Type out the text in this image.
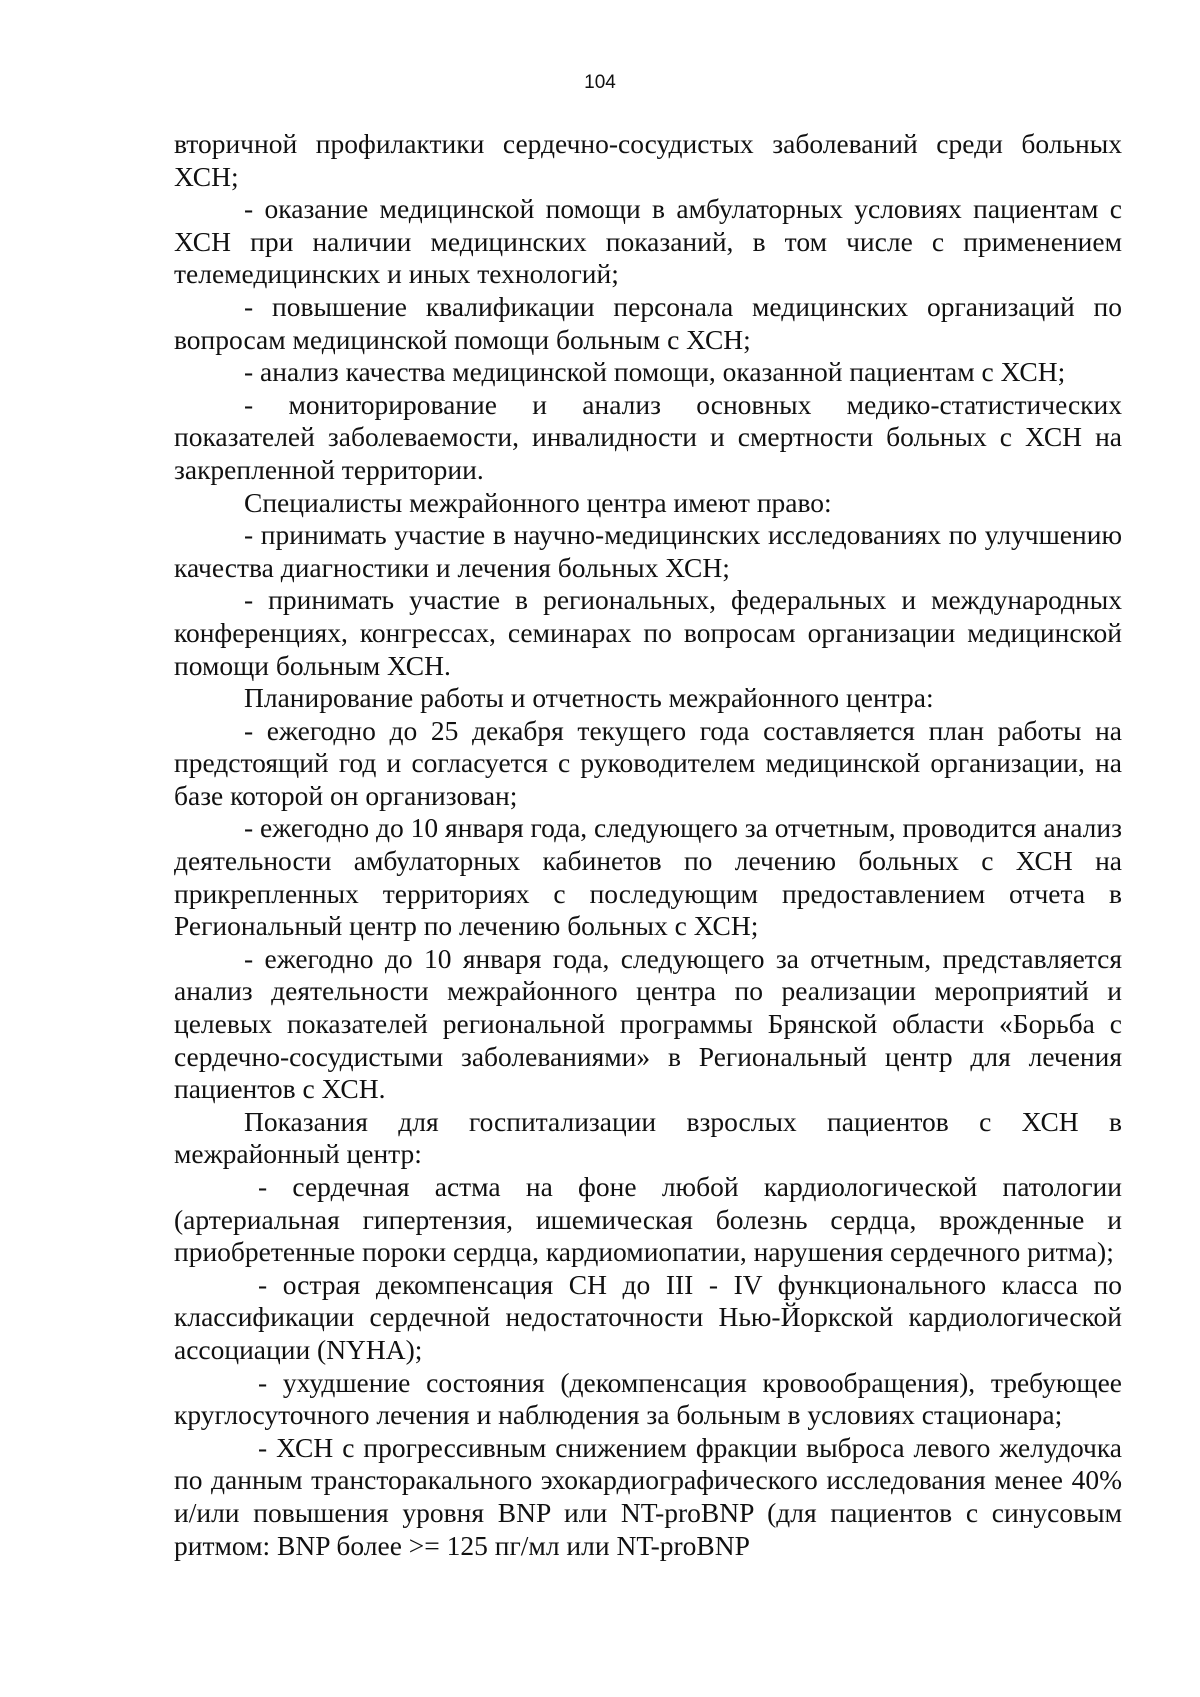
104

вторичной профилактики сердечно-сосудистых заболеваний среди больных ХСН;

- оказание медицинской помощи в амбулаторных условиях пациентам с ХСН при наличии медицинских показаний, в том числе с применением телемедицинских и иных технологий;

- повышение квалификации персонала медицинских организаций по вопросам медицинской помощи больным с ХСН;

- анализ качества медицинской помощи, оказанной пациентам с ХСН;

- мониторирование и анализ основных медико-статистических показателей заболеваемости, инвалидности и смертности больных с ХСН на закрепленной территории.

Специалисты межрайонного центра имеют право:

- принимать участие в научно-медицинских исследованиях по улучшению качества диагностики и лечения больных ХСН;

- принимать участие в региональных, федеральных и международных конференциях, конгрессах, семинарах по вопросам организации медицинской помощи больным ХСН.

Планирование работы и отчетность межрайонного центра:

- ежегодно до 25 декабря текущего года составляется план работы на предстоящий год и согласуется с руководителем медицинской организации, на базе которой он организован;

- ежегодно до 10 января года, следующего за отчетным, проводится анализ деятельности амбулаторных кабинетов по лечению больных с ХСН на прикрепленных территориях с последующим предоставлением отчета в Региональный центр по лечению больных с ХСН;

- ежегодно до 10 января года, следующего за отчетным, представляется анализ деятельности межрайонного центра по реализации мероприятий и целевых показателей региональной программы Брянской области «Борьба с сердечно-сосудистыми заболеваниями» в Региональный центр для лечения пациентов с ХСН.

Показания для госпитализации взрослых пациентов с ХСН в межрайонный центр:

- сердечная астма на фоне любой кардиологической патологии (артериальная гипертензия, ишемическая болезнь сердца, врожденные и приобретенные пороки сердца, кардиомиопатии, нарушения сердечного ритма);

- острая декомпенсация СН до III - IV функционального класса по классификации сердечной недостаточности Нью-Йоркской кардиологической ассоциации (NYHA);

- ухудшение состояния (декомпенсация кровообращения), требующее круглосуточного лечения и наблюдения за больным в условиях стационара;

- ХСН с прогрессивным снижением фракции выброса левого желудочка по данным трансторакального эхокардиографического исследования менее 40% и/или повышения уровня BNP или NT-proBNP (для пациентов с синусовым ритмом: BNP более >= 125 пг/мл или NT-proBNP
